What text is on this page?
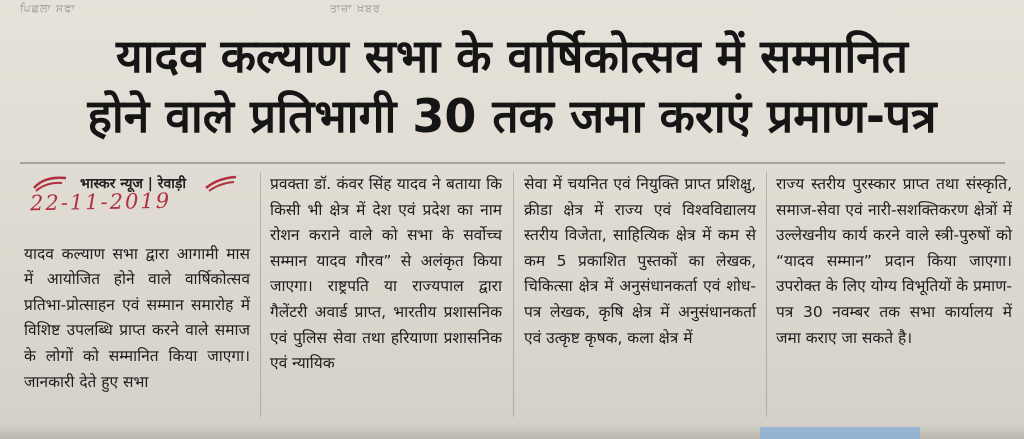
ਪਿਛਲਾ ਸਫਾ	ਤਾਜ਼ਾ ਖ਼ਬਰ
यादव कल्याण सभा के वार्षिकोत्सव में सम्मानित
होने वाले प्रतिभागी 30 तक जमा कराएं प्रमाण-पत्र
भास्कर न्यूज | रेवाड़ी
यादव कल्याण सभा द्वारा आगामी मास में आयोजित होने वाले वार्षिकोत्सव प्रतिभा-प्रोत्साहन एवं सम्मान समारोह में विशिष्ट उपलब्धि प्राप्त करने वाले समाज के लोगों को सम्मानित किया जाएगा। जानकारी देते हुए सभा
22-11-2019
प्रवक्ता डॉ. कंवर सिंह यादव ने बताया कि किसी भी क्षेत्र में देश एवं प्रदेश का नाम रोशन कराने वाले को सभा के सर्वोच्च सम्मान यादव गौरव” से अलंकृत किया जाएगा। राष्ट्रपति या राज्यपाल द्वारा गैलेंटरी अवार्ड प्राप्त, भारतीय प्रशासनिक एवं पुलिस सेवा तथा हरियाणा प्रशासनिक एवं न्यायिक
सेवा में चयनित एवं नियुक्ति प्राप्त प्रशिक्षु, क्रीडा क्षेत्र में राज्य एवं विश्वविद्यालय स्तरीय विजेता, साहित्यिक क्षेत्र में कम से कम 5 प्रकाशित पुस्तकों का लेखक, चिकित्सा क्षेत्र में अनुसंधानकर्ता एवं शोध-पत्र लेखक, कृषि क्षेत्र में अनुसंधानकर्ता एवं उत्कृष्ट कृषक, कला क्षेत्र में
राज्य स्तरीय पुरस्कार प्राप्त तथा संस्कृति, समाज-सेवा एवं नारी-सशक्तिकरण क्षेत्रों में उल्लेखनीय कार्य करने वाले स्त्री-पुरुषों को “यादव सम्मान” प्रदान किया जाएगा। उपरोक्त के लिए योग्य विभूतियों के प्रमाण-पत्र 30 नवम्बर तक सभा कार्यालय में जमा कराए जा सकते है।
